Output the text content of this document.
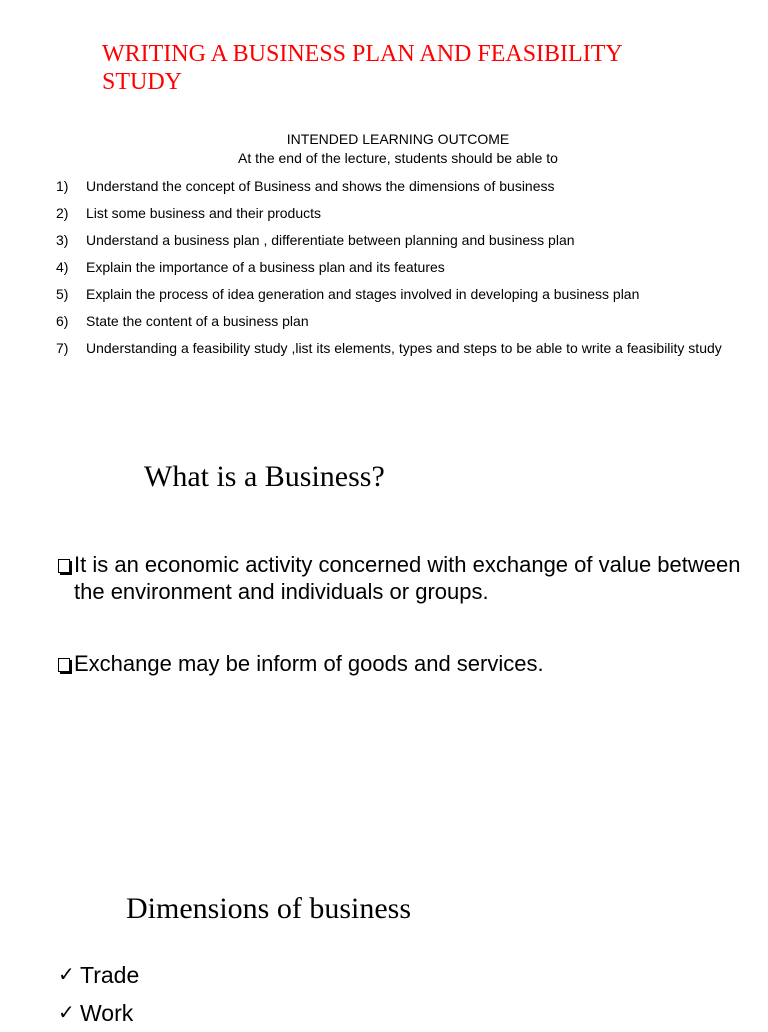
WRITING A BUSINESS PLAN AND FEASIBILITY STUDY

INTENDED LEARNING OUTCOME

At the end of the lecture, students should be able to

1)	Understand the concept of Business and shows the dimensions of business
2)	List some business and their products
3)	Understand a business plan , differentiate between planning and business plan
4)	Explain the importance of a business plan and its features
5)	Explain the process of idea generation and stages involved in developing a business plan
6)	State the content of a business plan
7)	Understanding a feasibility study ,list its elements, types and steps to be able to write a feasibility study
What is a Business?

It is an economic activity concerned with exchange of value between the environment and individuals or groups.

Exchange may be inform of goods and services.

Dimensions of business
✓ Trade
✓ Work
